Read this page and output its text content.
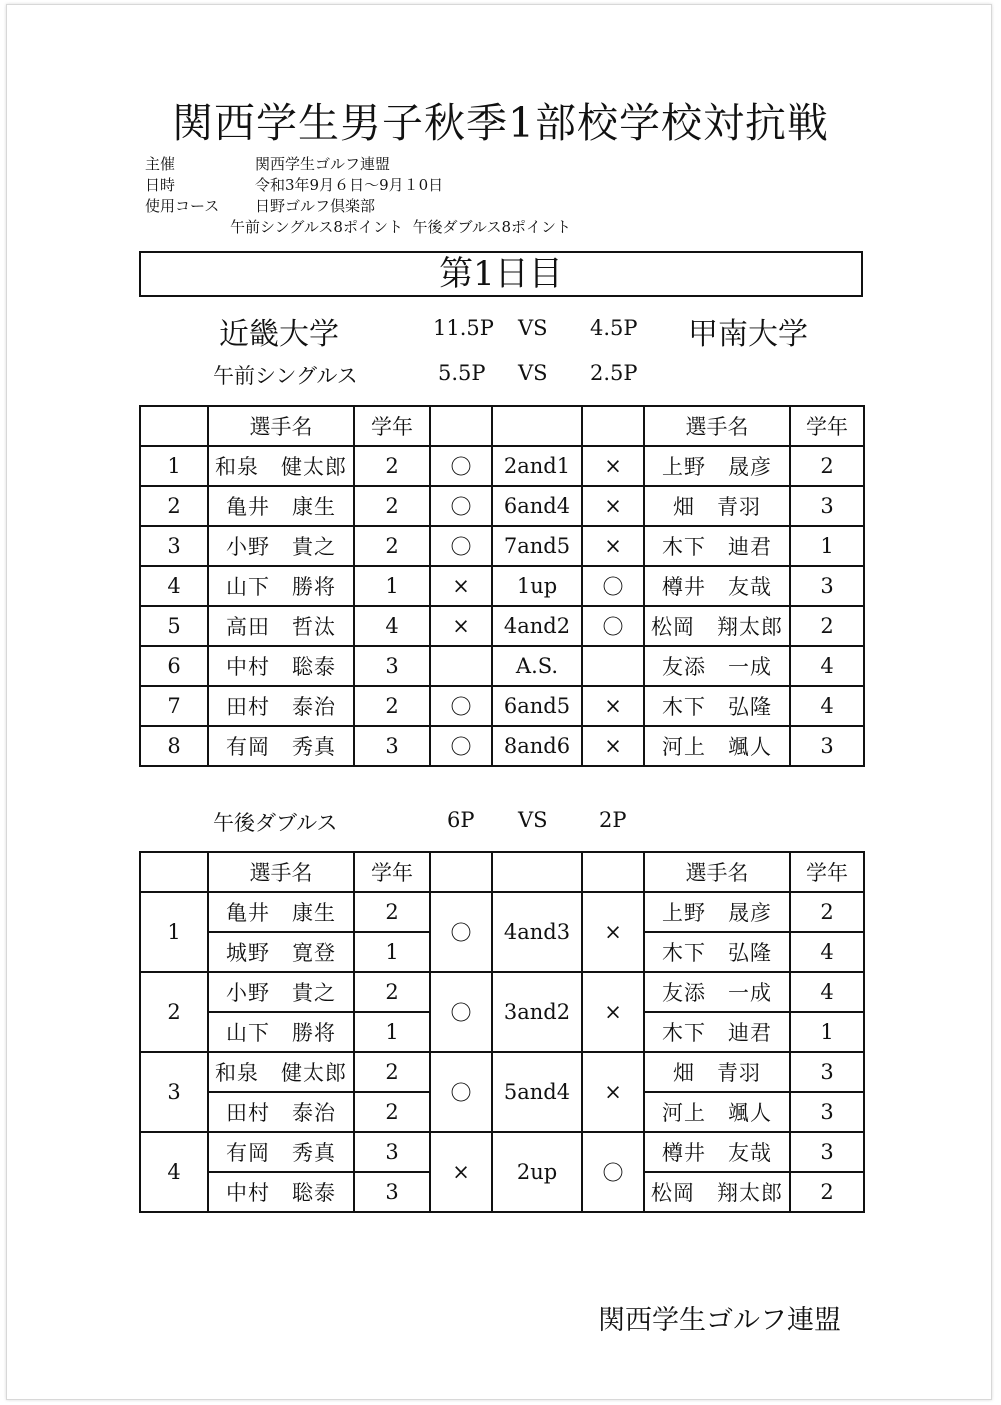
関西学生男子秋季1部校学校対抗戦
主催	関西学生ゴルフ連盟
日時	令和3年9月６日～9月１0日
使用コース 日野ゴルフ倶楽部
午前シングルス8ポイント  午後ダブルス8ポイント
第1日目
近畿大学	11.5P VS 4.5P 甲南大学
午前シングルス	5.5P VS 2.5P
	選手名	学年				選手名	学年
1	和泉　健太郎	2	〇	2and1	×	上野　晟彦	2
2	亀井　康生	2	〇	6and4	×	畑　青羽	3
3	小野　貴之	2	〇	7and5	×	木下　迪君	1
4	山下　勝将	1	×	1up	〇	樽井　友哉	3
5	高田　哲汰	4	×	4and2	〇	松岡　翔太郎	2
6	中村　聡泰	3		A.S.		友添　一成	4
7	田村　泰治	2	〇	6and5	×	木下　弘隆	4
8	有岡　秀真	3	〇	8and6	×	河上　颯人	3
午後ダブルス	6P VS 2P
	選手名	学年				選手名	学年
1	亀井　康生	2	〇	4and3	×	上野　晟彦	2
	城野　寛登	1				木下　弘隆	4
2	小野　貴之	2	〇	3and2	×	友添　一成	4
	山下　勝将	1				木下　迪君	1
3	和泉　健太郎	2	〇	5and4	×	畑　青羽	3
	田村　泰治	2				河上　颯人	3
4	有岡　秀真	3	×	2up	〇	樽井　友哉	3
	中村　聡泰	3				松岡　翔太郎	2
関西学生ゴルフ連盟
